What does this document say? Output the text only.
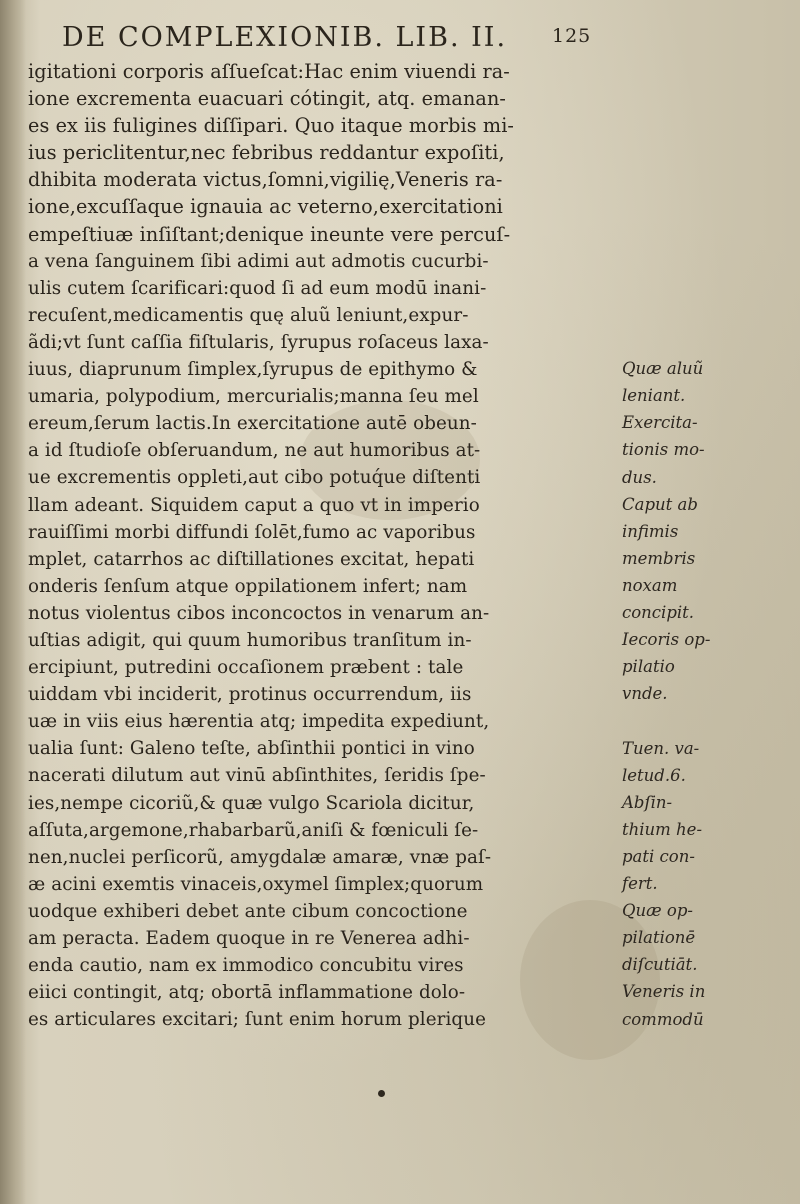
DE COMPLEXIONIB. LIB. II. 125
igitationi corporis aſſueſcat:Hac enim viuendi ra-
ione excrementa euacuari cótingit, atq. emanan-
es ex iis fuligines diſſipari. Quo itaque morbis mi-
ius periclitentur,nec febribus reddantur expoſiti,
dhibita moderata victus,ſomni,vigilię,Veneris ra-
ione,excuſſaque ignauia ac veterno,exercitationi
empeſtiuæ inſiſtant;denique ineunte vere percuſ-
a vena ſanguinem ſibi adimi aut admotis cucurbi-
ulis cutem ſcarificari:quod ſi ad eum modū inani-
recuſent,medicamentis quę aluũ leniunt,expur-
ãdi;vt ſunt caſſia fiſtularis, ſyrupus roſaceus laxa-
iuus, diaprunum ſimplex,ſyrupus de epithymo &
umaria, polypodium, mercurialis;manna ſeu mel
ereum,ſerum lactis.In exercitatione autē obeun-
a id ſtudioſe obſeruandum, ne aut humoribus at-
ue excrementis oppleti,aut cibo potuq́ue diſtenti
llam adeant. Siquidem caput a quo vt in imperio
rauiſſimi morbi diffundi ſolēt,fumo ac vaporibus
mplet, catarrhos ac diſtillationes excitat, hepati
onderis ſenſum atque oppilationem infert; nam
notus violentus cibos inconcoctos in venarum an-
uſtias adigit, qui quum humoribus tranſitum in-
ercipiunt, putredini occaſionem præbent : tale
uiddam vbi inciderit, protinus occurrendum, iis
uæ in viis eius hærentia atq; impedita expediunt,
ualia ſunt: Galeno teſte, abſinthii pontici in vino
nacerati dilutum aut vinū abſinthites, ſeridis ſpe-
ies,nempe cicoriũ,& quæ vulgo Scariola dicitur,
aſſuta,argemone,rhabarbarũ,aniſi & fœniculi ſe-
nen,nuclei perſicorũ, amygdalæ amaræ, vnæ paſ-
æ acini exemtis vinaceis,oxymel ſimplex;quorum
uodque exhiberi debet ante cibum concoctione
am peracta. Eadem quoque in re Venerea adhi-
enda cautio, nam ex immodico concubitu vires
eiici contingit, atq; obortā inflammatione dolo-
es articulares excitari; ſunt enim horum plerique
Quæ aluũ
leniant.
Exercita-
tionis mo-
dus.
Caput ab
infimis
membris
noxam
concipit.
Iecoris op-
pilatio
vnde.
Tuen. va-
letud.6.
Abſin-
thium he-
pati con-
fert.
Quæ op-
pilationē
diſcutiāt.
Veneris in
commodū
